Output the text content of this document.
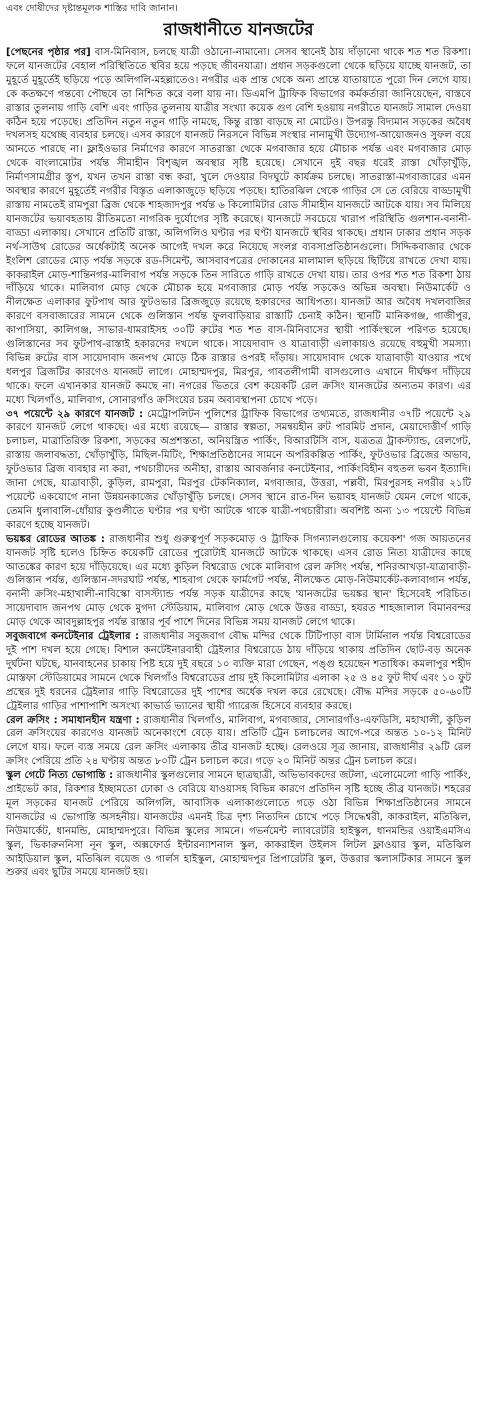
এবং দোষীদের দৃষ্টান্তমূলক শাস্তির দাবি জানান।
রাজধানীতে যানজটের

[পেছনের পৃষ্ঠার পর] বাস-মিনিবাস, চলছে যাত্রী ওঠানো-নামানো। সেসব স্থানেই ঠায় দাঁড়ানো থাকে শত শত রিকশা। ফলে যানজটের বেহাল পরিস্থিতিতে স্থবির হয়ে পড়ছে জীবনযাত্রা। প্রধান সড়কগুলো থেকে ছড়িয়ে যাচ্ছে যানজট, তা মুহূর্তে মুহূর্তেই ছড়িয়ে পড়ে অলিগলি-মহল্লাতেও। নগরীর এক প্রান্ত থেকে অন্য প্রান্তে যাতায়াতে পুরো দিন লেগে যায়। কে কতক্ষণে গন্তব্যে পৌছবে তা নিশ্চিত করে বলা যায় না। ডিএমপি ট্রাফিক বিভাগের কর্মকর্তারা জানিয়েছেন, বাস্তবে রাস্তার তুলনায় গাড়ি বেশি এবং গাড়ির তুলনায় যাত্রীর সংখ্যা কয়েক গুণ বেশি হওয়ায় নগরীতে যানজট সামাল দেওয়া কঠিন হয়ে পড়েছে। প্রতিদিন নতুন নতুন গাড়ি নামছে, কিন্তু রাস্তা বাড়ছে না মোটেও। উপরন্তু বিদ্যমান সড়কের অবৈধ দখলসহ যথেচ্ছ ব্যবহার চলছে। এসব কারণে যানজট নিরসনে বিভিন্ন সংস্থার নানামুখী উদ্যোগ-আয়োজনও সুফল বয়ে আনতে পারছে না। ফ্লাইওভার নির্মাণের কারণে সাতরাস্তা থেকে মগবাজার হয়ে মৌচাক পর্যন্ত এবং মগবাজার মোড় থেকে বাংলামোটর পর্যন্ত সীমাহীন বিশৃঙ্খল অবস্থার সৃষ্টি হয়েছে। সেখানে দুই বছর ধরেই রাস্তা খোঁড়াখুঁড়ি, নির্মাণসামগ্রীর স্তূপ, যখন তখন রাস্তা বন্ধ করা, খুলে দেওয়ার বিদঘুটে কার্যক্রম চলছে। সাতরাস্তা-মগবাজারের এমন অবস্থার কারণে মুহূর্তেই নগরীর বিস্তৃত এলাকাজুড়ে ছড়িয়ে পড়ছে। হাতিরঝিল থেকে গাড়ির সে তে বেরিয়ে বাড্ডামুখী রাস্তায় নামতেই রামপুরা ব্রিজ থেকে শাহজাদপুর পর্যন্ত ৬ কিলোমিটার রোড সীমাহীন যানজটে আটকে যায়। সব মিলিয়ে যানজটের ভয়াবহতায় রীতিমতো নাগরিক দুর্যোগের সৃষ্টি করেছে। যানজটে সবচেয়ে খারাপ পরিস্থিতি গুলশান-বনানী-বাড্ডা এলাকায়। সেখানে প্রতিটি রাস্তা, অলিগলিও ঘণ্টার পর ঘণ্টা যানজটে স্থবির থাকছে। প্রধান ঢাকার প্রধান সড়ক নর্থ-সাউথ রোডের অর্ধেকটাই অনেক আগেই দখল করে নিয়েছে সংলগ্ন ব্যবসাপ্রতিষ্ঠানগুলো। সিদ্দিকবাজার থেকে ইংলিশ রোডের মোড় পর্যন্ত সড়কে রড-সিমেন্ট, আসবাবপত্রের দোকানের মালামাল ছড়িয়ে ছিটিয়ে রাখতে দেখা যায়। কাকরাইল মোড়-শান্তিনগর-মালিবাগ পর্যন্ত সড়কে তিন সারিতে গাড়ি রাখতে দেখা যায়। তার ওপর শত শত রিকশা ঠায় দাঁড়িয়ে থাকে। মালিবাগ মোড় থেকে মৌচাক হয়ে মগবাজার মোড় পর্যন্ত সড়কেও অভিন্ন অবস্থা। নিউমার্কেট ও নীলক্ষেত এলাকার ফুটপাথ আর ফুটওভার ব্রিজজুড়ে রয়েছে হকারদের আধিপত্য। যানজট আর অবৈধ দখলবাজির কারণে বসবাজারের সামনে থেকে গুলিস্তান পর্যন্ত ফুলবাড়িয়ার রাস্তাটি চেনাই কঠিন। স্থানটি মানিকগঞ্জ, গাজীপুর, কাপাসিয়া, কালিগঞ্জ, সাভার-ধামরাইসহ ৩০টি রুটের শত শত বাস-মিনিবাসের স্থায়ী পার্কিংস্থলে পরিণত হয়েছে। গুলিস্তানের সব ফুটপাথ-রাস্তাই হকারদের দখলে থাকে। সায়েদাবাদ ও যাত্রাবাড়ী এলাকায়ও রয়েছে বহুমুখী সমস্যা। বিভিন্ন রুটের বাস সায়েদাবাদ জনপথ মোড়ে ঠিক রাস্তার ওপরই দাঁড়ায়। সায়েদাবাদ থেকে যাত্রাবাড়ী যাওয়ার পথে ধলপুর ব্রিজটির কারণেও যানজট লাগে। মোহাম্মদপুর, মিরপুর, গাবতলীগামী বাসগুলোও এখানে দীর্ঘক্ষণ দাঁড়িয়ে থাকে। ফলে এখানকার যানজট কমছে না। নগরের ভিতরে বেশ কয়েকটি রেল ক্রসিং যানজটের অন্যতম কারণ। এর মধ্যে খিলগাঁও, মালিবাগ, সোনারগাঁও ক্রসিংয়ের চরম অব্যবস্থাপনা চোখে পড়ে।

৩৭ পয়েন্টে ২৯ কারণে যানজট : মেট্রোপলিটন পুলিশের ট্রাফিক বিভাগের তথ্যমতে, রাজধানীর ৩৭টি পয়েন্টে ২৯ কারণে যানজট লেগে থাকছে। এর মধ্যে রয়েছে— রাস্তার স্বল্পতা, সমন্বয়হীন রুট পারমিট প্রদান, মেয়াদোত্তীর্ণ গাড়ি চলাচল, মাত্রাতিরিক্ত রিকশা, সড়কের অপ্রশস্ততা, অনিয়ন্ত্রিত পার্কিং, বিআরটিসি বাস, যত্রতত্র ট্রাকস্ট্যান্ড, রেলগেট, রাস্তায় জলাবদ্ধতা, খোঁড়াখুঁড়ি, মিছিল-মিটিং, শিক্ষাপ্রতিষ্ঠানের সামনে অপরিকল্পিত পার্কিং, ফুটওভার ব্রিজের অভাব, ফুটওভার ব্রিজ ব্যবহার না করা, পথচারীদের অনীহা, রাস্তায় আবর্জনার কনটেইনার, পার্কিংবিহীন বহুতল ভবন ইত্যাদি। জানা গেছে, যাত্রাবাড়ী, কুড়িল, রামপুরা, মিরপুর টেকনিক্যাল, মগবাজার, উত্তরা, পল্লবী, মিরপুরসহ নগরীর ২১টি পয়েন্টে একযোগে নানা উন্নয়নকাজের খোঁড়াখুঁড়ি চলছে। সেসব স্থানে রাত-দিন ভয়াবহ যানজট যেমন লেগে থাকে, তেমনি ধুলাবালি-ধোঁয়ার কুণ্ডলীতে ঘণ্টার পর ঘণ্টা আটকে থাকে যাত্রী-পথচারীরা। অবশিষ্ট অন্য ১৩ পয়েন্টে বিভিন্ন কারণে হচ্ছে যানজট।

ভয়ঙ্কর রোডের আতঙ্ক : রাজধানীর শুধু গুরুত্বপূর্ণ সড়কমোড় ও ট্রাফিক সিগন্যালগুলোয় কয়েকশ' গজ আয়তনের যানজট সৃষ্টি হলেও চিহ্নিত কয়েকটি রোডের পুরোটাই যানজটে আটকে থাকছে। এসব রোড নিত্য যাত্রীদের কাছে আতঙ্কের কারণ হয়ে দাঁড়িয়েছে। এর মধ্যে কুড়িল বিশ্বরোড থেকে মালিবাগ রেল ক্রসিং পর্যন্ত, শনিরআখড়া-যাত্রাবাড়ী-গুলিস্তান পর্যন্ত, গুলিস্তান-সদরঘাট পর্যন্ত, শাহবাগ থেকে ফার্মগেট পর্যন্ত, নীলক্ষেত মোড়-নিউমার্কেট-কলাবাগান পর্যন্ত, বনানী ক্রসিং-মহাখালী-নাবিস্কো বাসস্ট্যান্ড পর্যন্ত সড়ক যাত্রীদের কাছে 'যানজটের ভয়ঙ্কর স্থান' হিসেবেই পরিচিত। সায়েদাবাদ জনপথ মোড় থেকে মুগদা স্টেডিয়াম, মালিবাগ মোড় থেকে উত্তর বাড্ডা, হযরত শাহজালাল বিমানবন্দর মোড় থেকে আবদুল্লাহপুর পর্যন্ত রাস্তার পূর্ব পাশে দিনের বিভিন্ন সময় যানজট লেগে থাকে।

সবুজবাগে কনটেইনার ট্রেইলার : রাজধানীর সবুজবাগ বৌদ্ধ মন্দির থেকে টিটিপাড়া বাস টার্মিনাল পর্যন্ত বিশ্বরোডের দুই পাশ দখল হয়ে গেছে। বিশাল কনটেইনারবাহী ট্রেইলার বিশ্বরোডে ঠায় দাঁড়িয়ে থাকায় প্রতিদিন ছোট-বড় অনেক দুর্ঘটনা ঘটছে, যানবাহনের চাকায় পিষ্ট হয়ে দুই বছরে ১০ ব্যক্তি মারা গেছেন, পঙ্গু হয়েছেন শতাধিক। কমলাপুর শহীদ মোস্তফা স্টেডিয়ামের সামনে থেকে খিলগাঁও বিশ্বরোডের প্রায় দুই কিলোমিটার এলাকা ২৫ ও ৪৫ ফুট দীর্ঘ এবং ১০ ফুট প্রস্থের দুই ধরনের ট্রেইলার গাড়ি বিশ্বরোডের দুই পাশের অর্ধেক দখল করে রেখেছে। বৌদ্ধ মন্দির সড়কে ৫০-৬০টি ট্রেইলার গাড়ির পাশাপাশি অসংখ্য কাভার্ড ভ্যানের স্থায়ী গ্যারেজ হিসেবে ব্যবহার করছে।

রেল ক্রসিং : সমাধানহীন যন্ত্রণা : রাজধানীর খিলগাঁও, মালিবাগ, মগবাজার, সোনারগাঁও-এফডিসি, মহাখালী, কুড়িল রেল ক্রসিংয়ের কারণেও যানজট অনেকাংশে বেড়ে যায়। প্রতিটি ট্রেন চলাচলের আগে-পরে অন্তত ১০-১২ মিনিট লেগে যায়। ফলে ব্যস্ত সময়ে রেল ক্রসিং এলাকায় তীব্র যানজট হচ্ছে। রেলওয়ে সূত্র জানায়, রাজধানীর ২৯টি রেল ক্রসিং পেরিয়ে প্রতি ২৪ ঘণ্টায় অন্তত ৮০টি ট্রেন চলাচল করে। গড়ে ২০ মিনিট অন্তর ট্রেন চলাচল করে।

স্কুল গেটে নিত্য ভোগান্তি : রাজধানীর স্কুলগুলোর সামনে ছাত্রছাত্রী, অভিভাবকদের জটলা, এলোমেলো গাড়ি পার্কিং, প্রাইভেট কার, রিকশার ইচ্ছামতো ঢোকা ও বেরিয়ে যাওয়াসহ বিভিন্ন কারণে প্রতিদিন সৃষ্টি হচ্ছে তীব্র যানজট। শহরের মূল সড়কের যানজট পেরিয়ে অলিগলি, আবাসিক এলাকাগুলোতে গড়ে ওঠা বিভিন্ন শিক্ষাপ্রতিষ্ঠানের সামনে যানজটের এ ভোগান্তি অসহনীয়। যানজটের এমনই চিত্র দৃশ্য নিত্যদিন চোখে পড়ে সিদ্ধেশ্বরী, কাকরাইল, মতিঝিল, নিউমার্কেট, ধানমন্ডি, মোহাম্মদপুরে। বিভিন্ন স্কুলের সামনে। গভর্নমেন্ট ল্যাবরেটরি হাইস্কুল, ধানমন্ডির ওয়াইএমসিএ স্কুল, ভিকারুননিসা নূন স্কুল, অক্সফোর্ড ইন্টারন্যাশনাল স্কুল, কাকরাইল উইলস লিটল ফ্লাওয়ার স্কুল, মতিঝিল আইডিয়াল স্কুল, মতিঝিল বয়েজ ও গার্লস হাইস্কুল, মোহাম্মদপুর প্রিপারেটরি স্কুল, উত্তরার স্কলাসটিকার সামনে স্কুল শুরুর এবং ছুটির সময়ে যানজট হয়।
